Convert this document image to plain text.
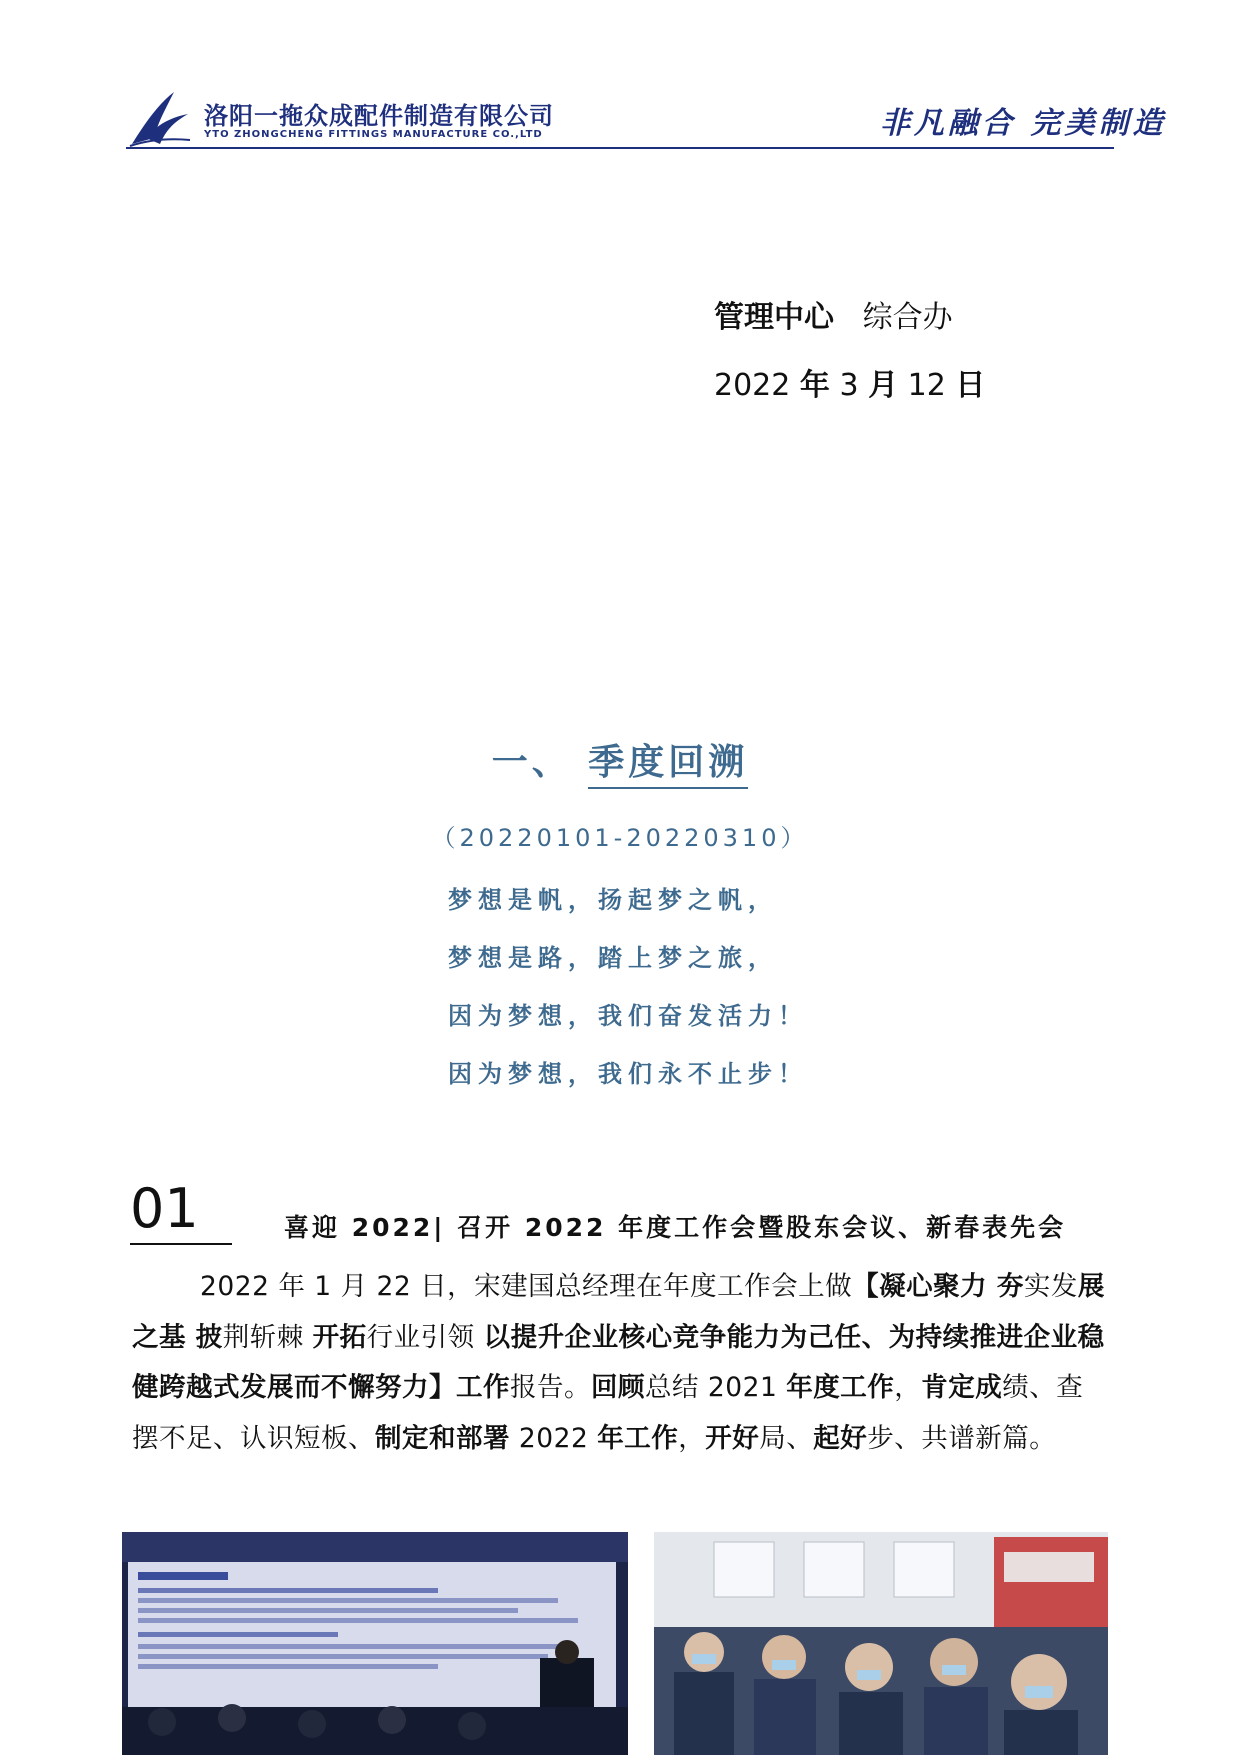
洛阳一拖众成配件制造有限公司
YTO ZHONGCHENG FITTINGS MANUFACTURE CO.,LTD	非凡融合 完美制造
管理中心 综合办
2022 年 3 月 12 日
一、 季度回溯
（20220101-20220310）
梦想是帆，扬起梦之帆，
梦想是路，踏上梦之旅，
因为梦想，我们奋发活力！
因为梦想，我们永不止步！
01	喜迎 2022| 召开 2022 年度工作会暨股东会议、新春表先会

2022 年 1 月 22 日，宋建国总经理在年度工作会上做【凝心聚力 夯实发展之基 披荆斩棘 开拓行业引领 以提升企业核心竞争能力为己任、为持续推进企业稳健跨越式发展而不懈努力】工作报告。回顾总结 2021 年度工作，肯定成绩、查摆不足、认识短板、制定和部署 2022 年工作，开好局、起好步、共谱新篇。
